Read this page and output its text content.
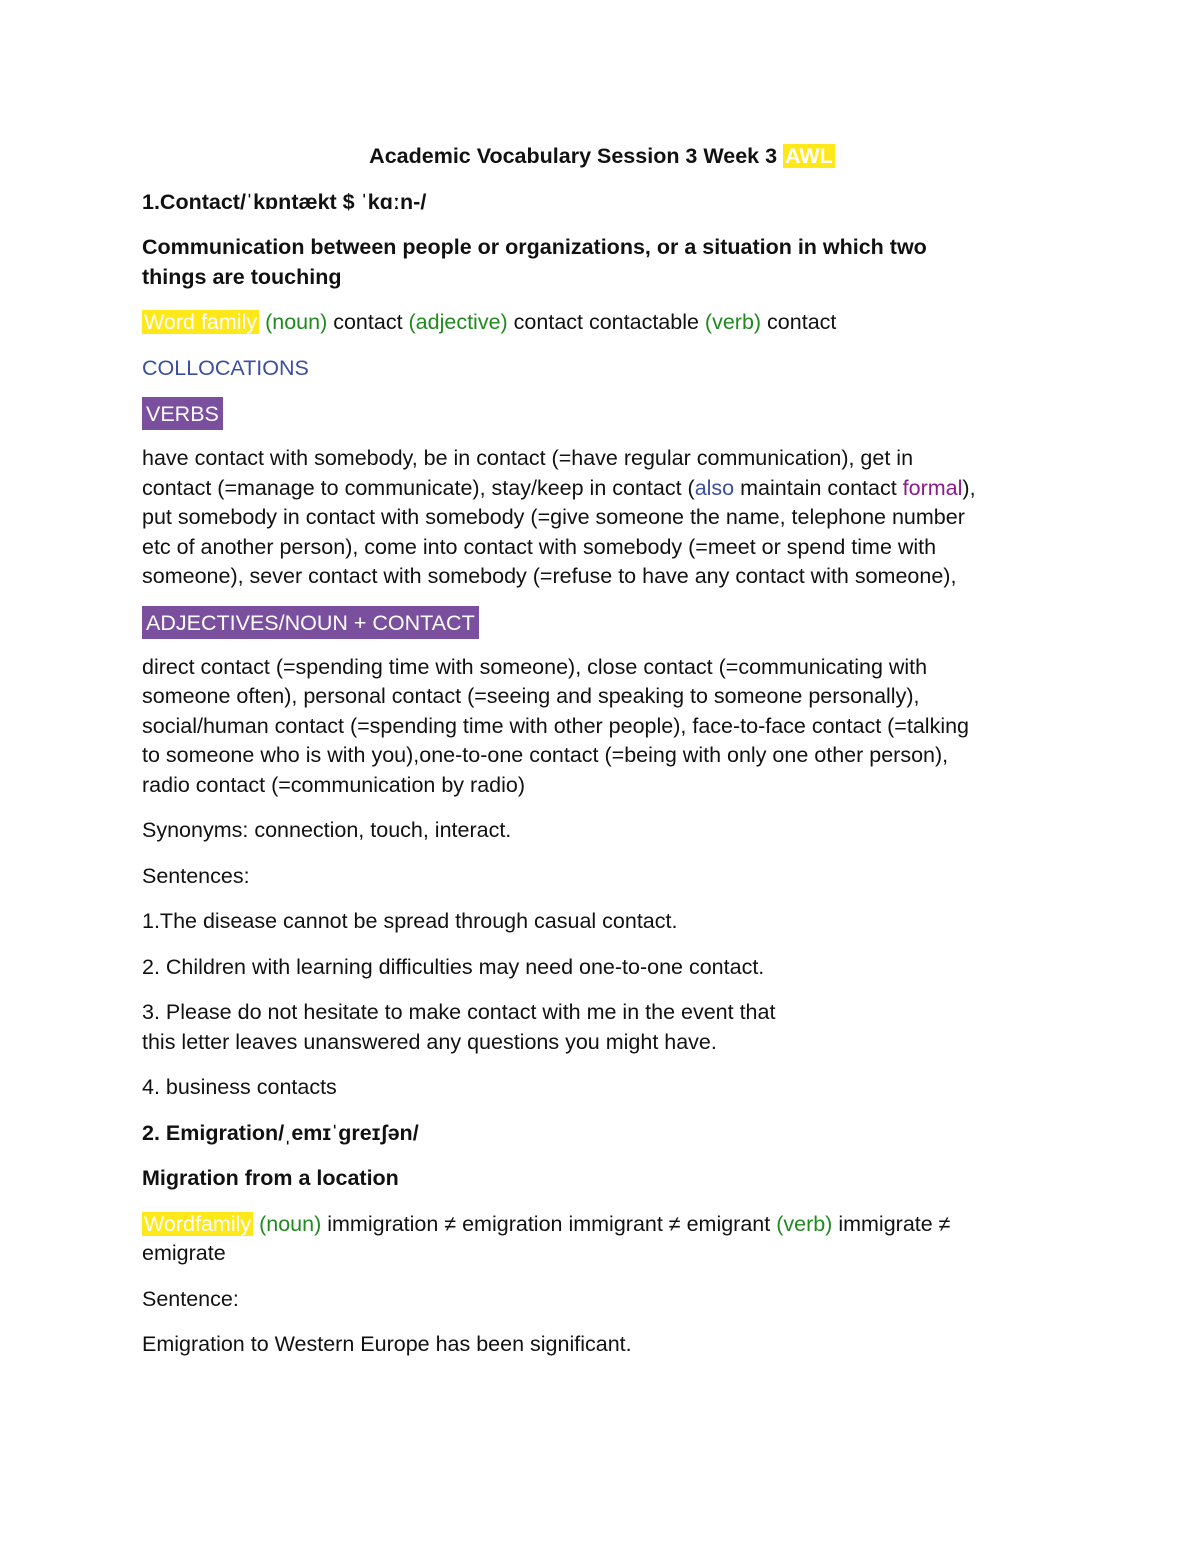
Academic Vocabulary Session 3 Week 3 AWL
1.Contact/ˈkɒntækt $ ˈkɑːn-/
Communication between people or organizations, or a situation in which two
things are touching
Word family (noun) contact (adjective) contact contactable (verb) contact
COLLOCATIONS
VERBS
have contact with somebody, be in contact (=have regular communication), get in
contact (=manage to communicate), stay/keep in contact (also maintain contact formal),
put somebody in contact with somebody (=give someone the name, telephone number
etc of another person), come into contact with somebody (=meet or spend time with
someone), sever contact with somebody (=refuse to have any contact with someone),
ADJECTIVES/NOUN + CONTACT
direct contact (=spending time with someone), close contact (=communicating with
someone often), personal contact (=seeing and speaking to someone personally),
social/human contact (=spending time with other people), face-to-face contact (=talking
to someone who is with you),one-to-one contact (=being with only one other person),
radio contact (=communication by radio)
Synonyms: connection, touch, interact.
Sentences:
1.The disease cannot be spread through casual contact.
2. Children with learning difficulties may need one-to-one contact.
3. Please do not hesitate to make contact with me in the event that
this letter leaves unanswered any questions you might have.
4. business contacts
2. Emigration/ˌemɪˈɡreɪʃən/
Migration from a location
Wordfamily (noun) immigration ≠ emigration immigrant ≠ emigrant (verb) immigrate ≠
emigrate
Sentence:
Emigration to Western Europe has been significant.
